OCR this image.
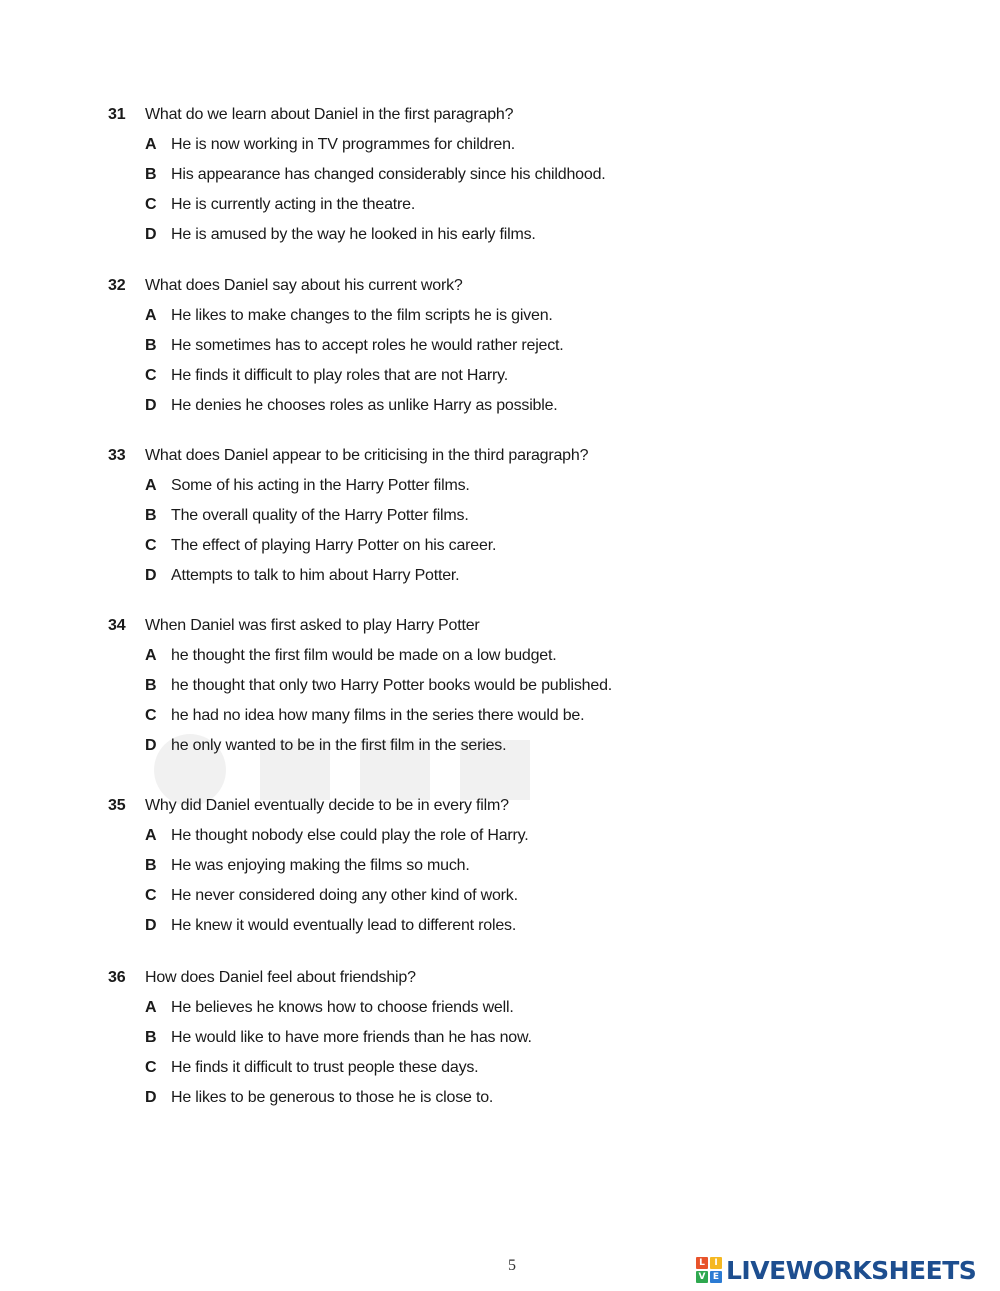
31	What do we learn about Daniel in the first paragraph?
A He is now working in TV programmes for children.
B His appearance has changed considerably since his childhood.
C He is currently acting in the theatre.
D He is amused by the way he looked in his early films.
32	What does Daniel say about his current work?
A He likes to make changes to the film scripts he is given.
B He sometimes has to accept roles he would rather reject.
C He finds it difficult to play roles that are not Harry.
D He denies he chooses roles as unlike Harry as possible.
33	What does Daniel appear to be criticising in the third paragraph?
A Some of his acting in the Harry Potter films.
B The overall quality of the Harry Potter films.
C The effect of playing Harry Potter on his career.
D Attempts to talk to him about Harry Potter.
34	When Daniel was first asked to play Harry Potter
A he thought the first film would be made on a low budget.
B he thought that only two Harry Potter books would be published.
C he had no idea how many films in the series there would be.
D he only wanted to be in the first film in the series.
35	Why did Daniel eventually decide to be in every film?
A He thought nobody else could play the role of Harry.
B He was enjoying making the films so much.
C He never considered doing any other kind of work.
D He knew it would eventually lead to different roles.
36	How does Daniel feel about friendship?
A He believes he knows how to choose friends well.
B He would like to have more friends than he has now.
C He finds it difficult to trust people these days.
D He likes to be generous to those he is close to.
5	L	I
V E LIVEWORKSHEETS
